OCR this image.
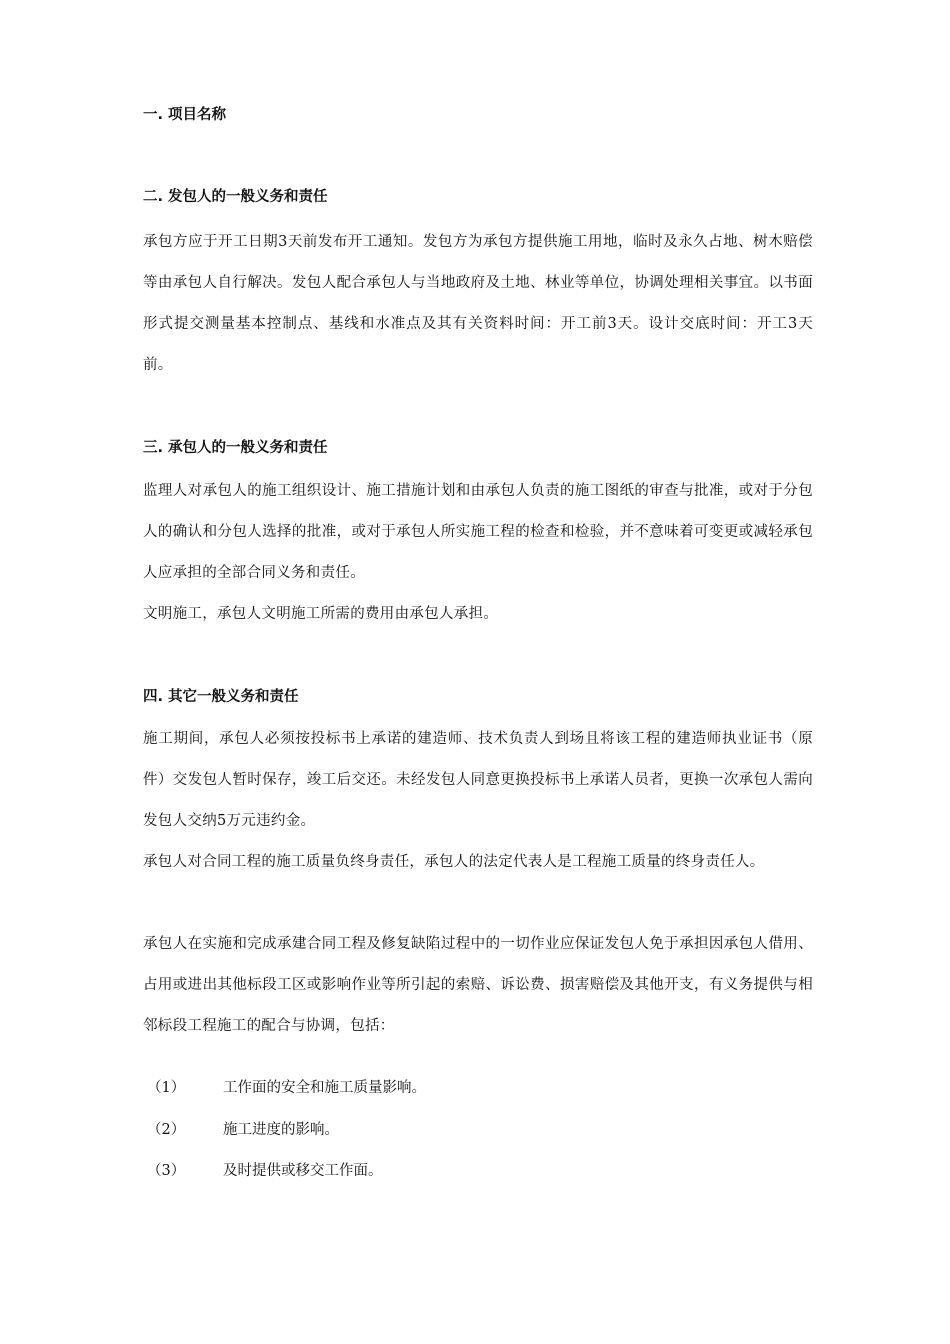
一. 项目名称
二. 发包人的一般义务和责任
承包方应于开工日期3天前发布开工通知。发包方为承包方提供施工用地，临时及永久占地、树木赔偿等由承包人自行解决。发包人配合承包人与当地政府及土地、林业等单位，协调处理相关事宜。以书面形式提交测量基本控制点、基线和水准点及其有关资料时间：开工前3天。设计交底时间：开工3天前。
三. 承包人的一般义务和责任
监理人对承包人的施工组织设计、施工措施计划和由承包人负责的施工图纸的审查与批准，或对于分包人的确认和分包人选择的批准，或对于承包人所实施工程的检查和检验，并不意味着可变更或减轻承包人应承担的全部合同义务和责任。
文明施工，承包人文明施工所需的费用由承包人承担。
四. 其它一般义务和责任
施工期间，承包人必须按投标书上承诺的建造师、技术负责人到场且将该工程的建造师执业证书（原件）交发包人暂时保存，竣工后交还。未经发包人同意更换投标书上承诺人员者，更换一次承包人需向发包人交纳5万元违约金。
承包人对合同工程的施工质量负终身责任，承包人的法定代表人是工程施工质量的终身责任人。
承包人在实施和完成承建合同工程及修复缺陷过程中的一切作业应保证发包人免于承担因承包人借用、占用或进出其他标段工区或影响作业等所引起的索赔、诉讼费、损害赔偿及其他开支，有义务提供与相邻标段工程施工的配合与协调，包括：
（1）	工作面的安全和施工质量影响。
（2）	施工进度的影响。
（3）	及时提供或移交工作面。
